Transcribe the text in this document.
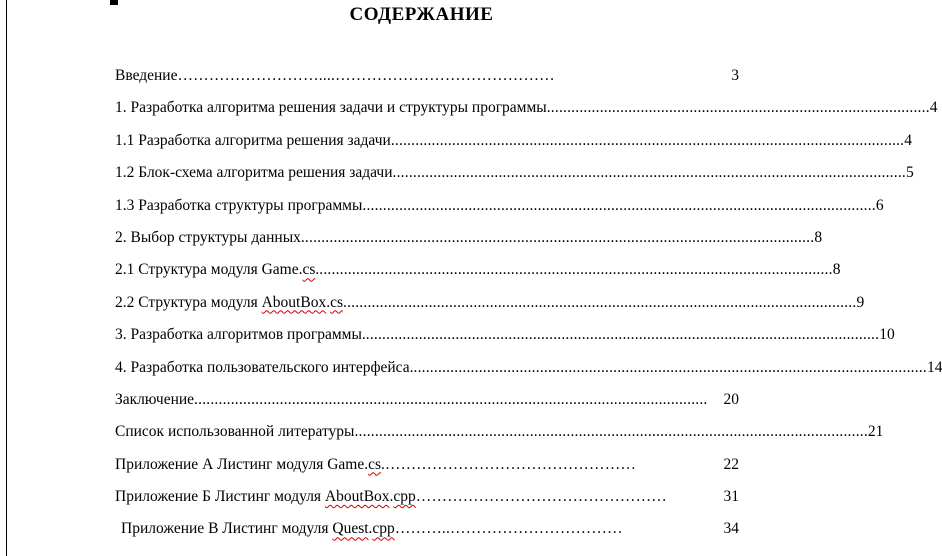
СОДЕРЖАНИЕ
Введение ………………………....……………………………………	3
1. Разработка алгоритма решения задачи и структуры программы .............................................................................................. 4
1.1 Разработка алгоритма решения задачи .............................................................................................................................. 4
1.2 Блок-схема алгоритма решения задачи .............................................................................................................................. 5
1.3 Разработка структуры программы .............................................................................................................................. 6
2. Выбор структуры данных .............................................................................................................................. 8
2.1 Структура модуля Game.cs. .............................................................................................................................. 8
2.2 Структура модуля AboutBox.cs .............................................................................................................................. 9
3. Разработка алгоритмов программы. .............................................................................................................................. 10
4. Разработка пользовательского интерфейса. .............................................................................................................................. 14
Заключение ..............................................................................................................................	20
Список использованной литературы .............................................................................................................................. 21
Приложение А Листинг модуля Game.cs. …………………………………………	22
Приложение Б Листинг модуля AboutBox.cpp …………………………………………	31
Приложение В Листинг модуля Quest.cpp ………..……………………………	34
